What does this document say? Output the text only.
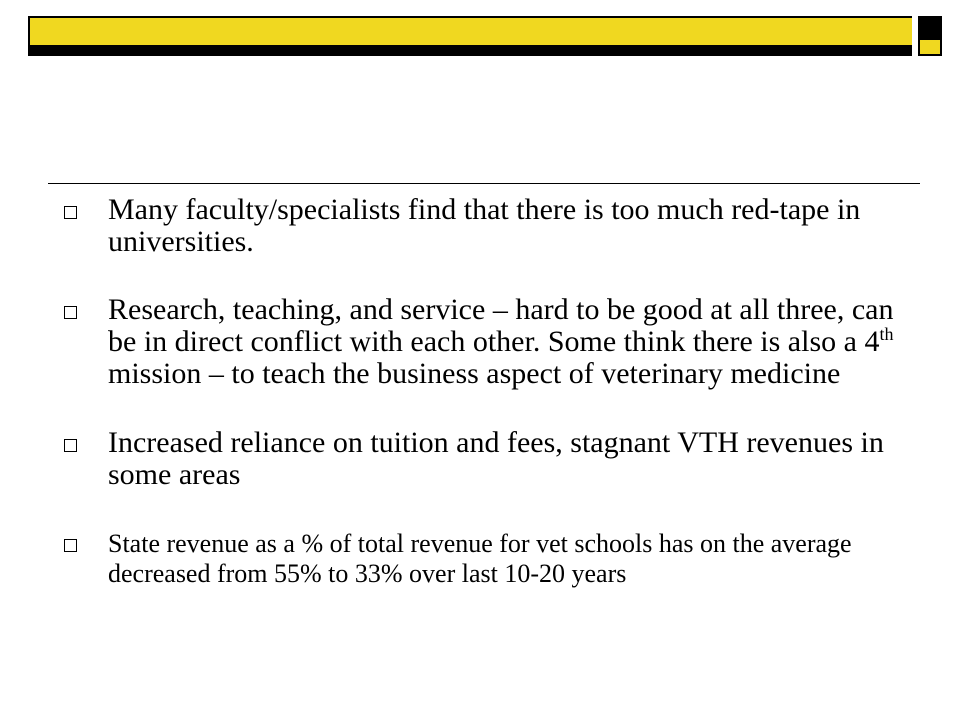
Many faculty/specialists find that there is too much red-tape in universities.
Research, teaching, and service – hard to be good at all three, can be in direct conflict with each other. Some think there is also a 4th mission – to teach the business aspect of veterinary medicine
Increased reliance on tuition and fees, stagnant VTH revenues in some areas
State revenue as a % of total revenue for vet schools has on the average decreased from 55% to 33% over last 10-20 years
